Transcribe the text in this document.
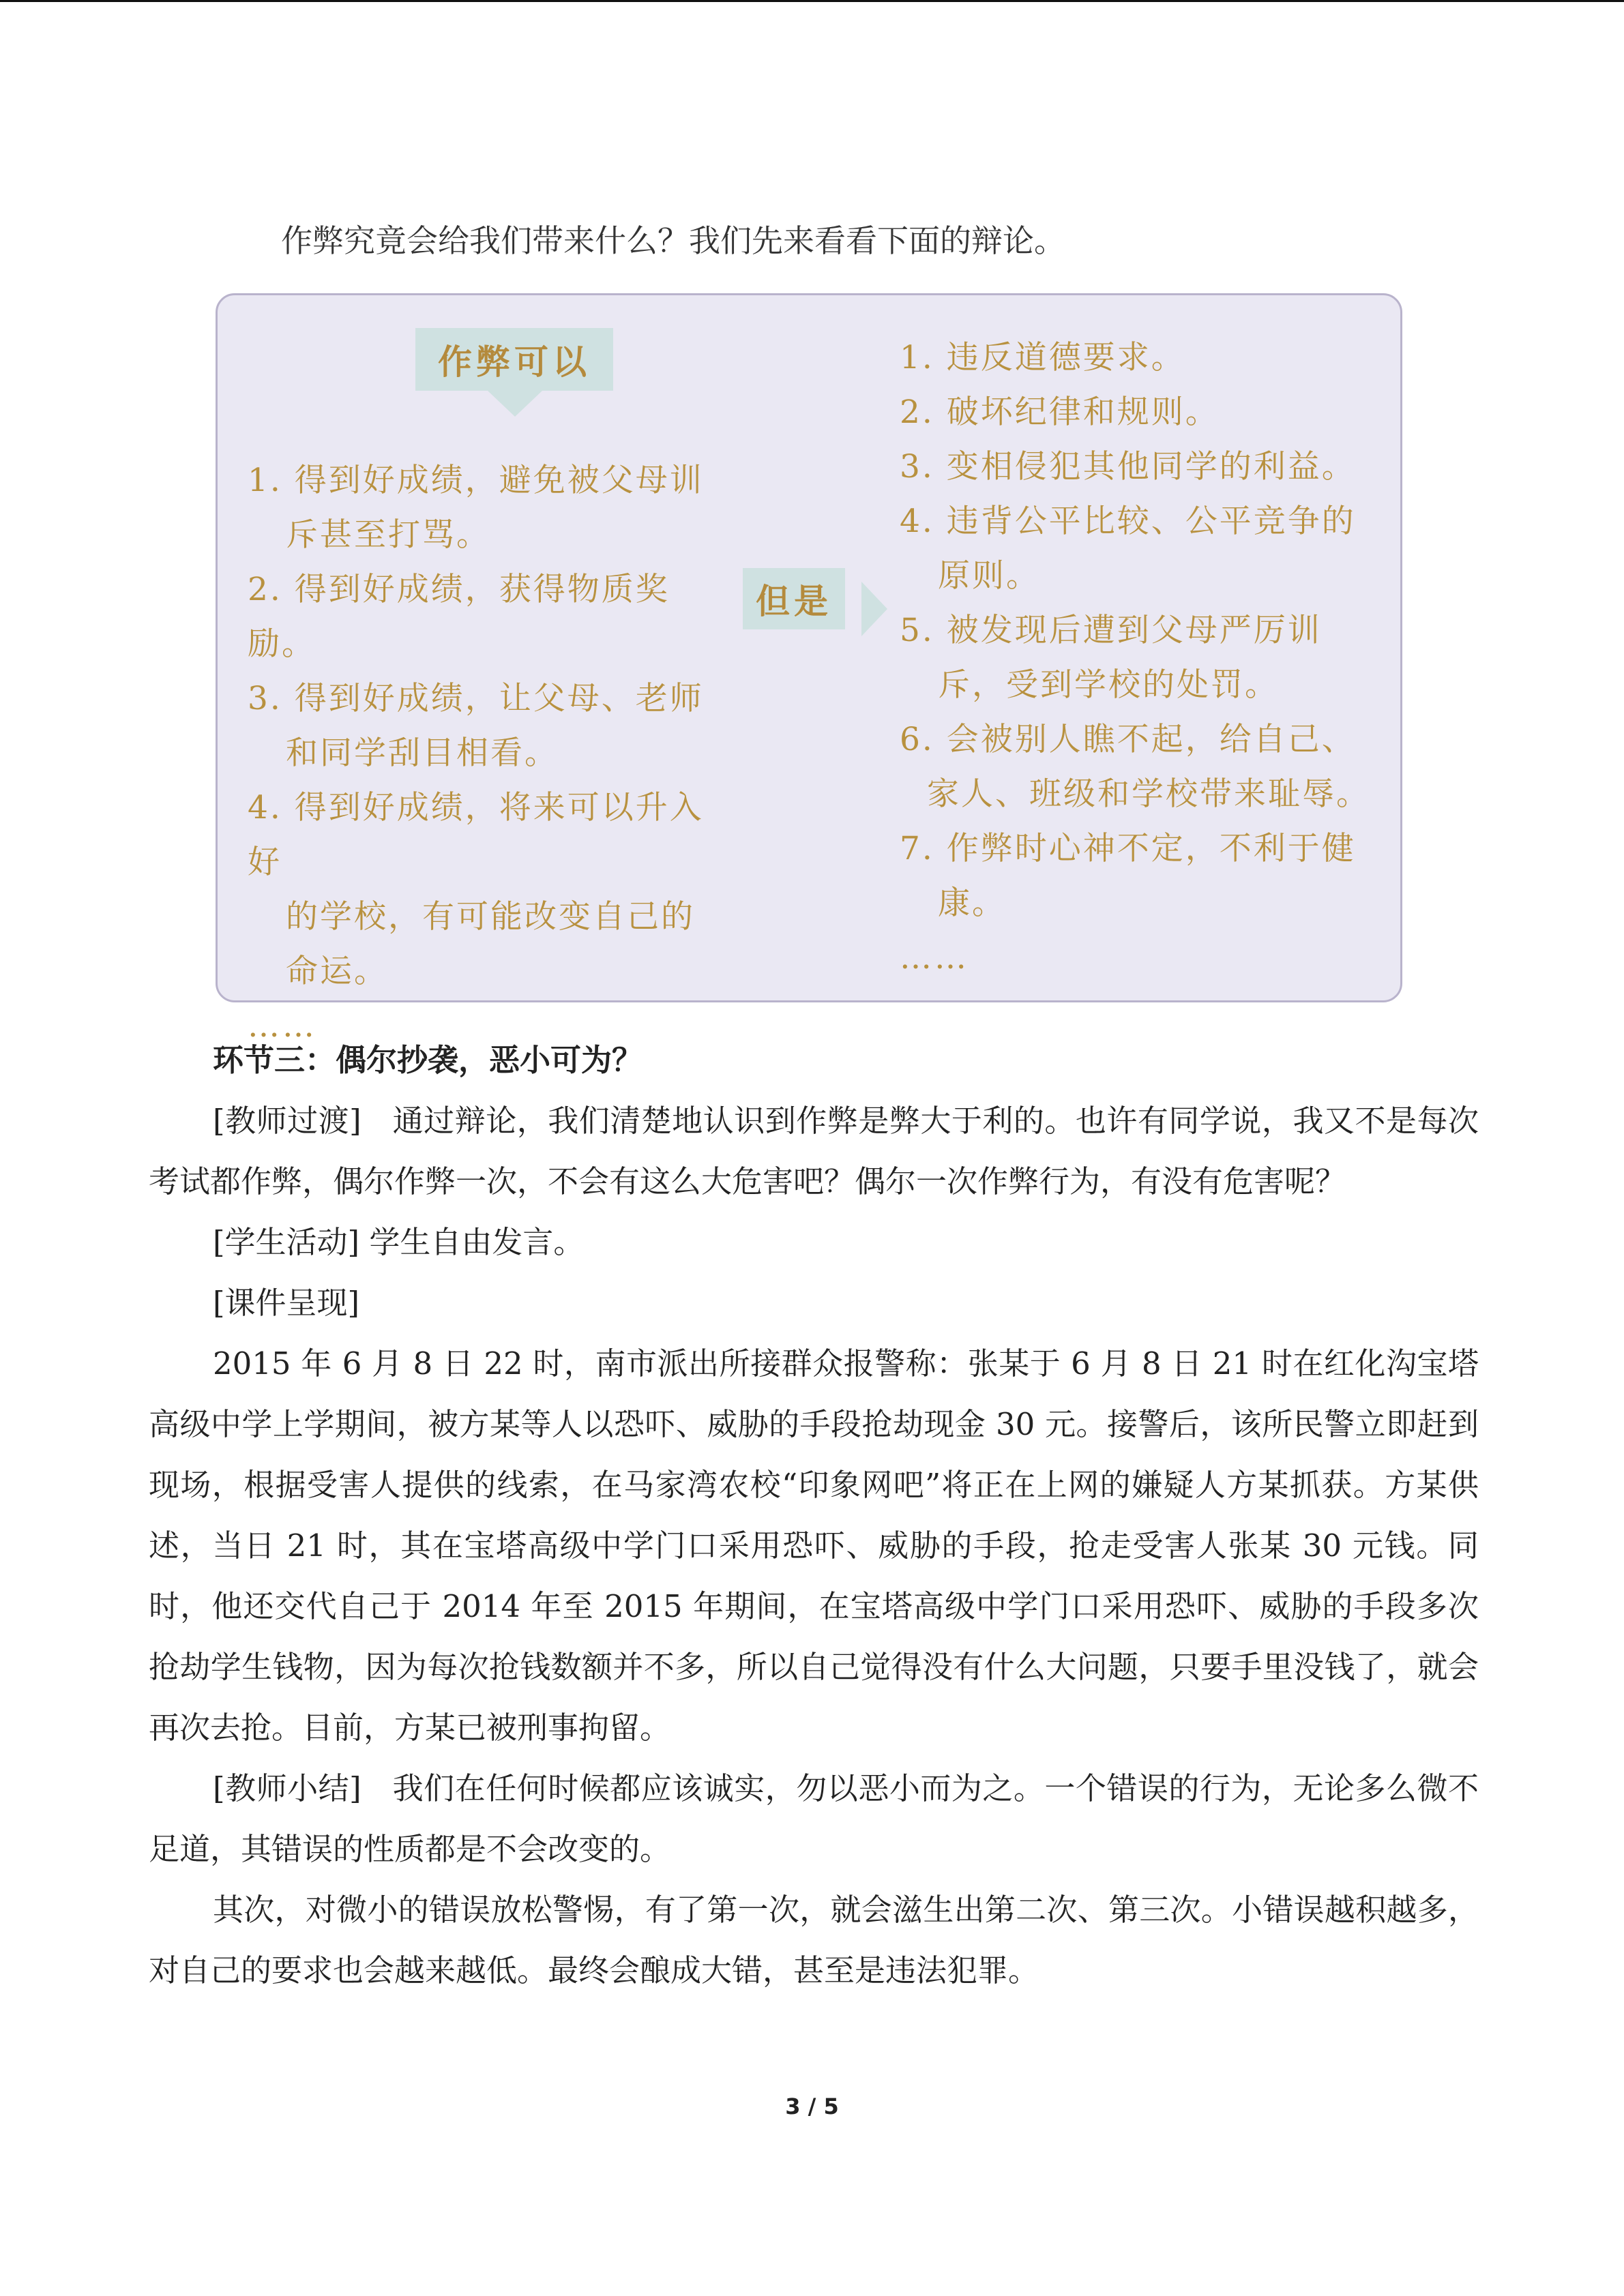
作弊究竟会给我们带来什么？我们先来看看下面的辩论。
作弊可以
1. 得到好成绩，避免被父母训
斥甚至打骂。
2. 得到好成绩，获得物质奖励。
3. 得到好成绩，让父母、老师
和同学刮目相看。
4. 得到好成绩，将来可以升入好
的学校，有可能改变自己的
命运。
……
但是
1. 违反道德要求。
2. 破坏纪律和规则。
3. 变相侵犯其他同学的利益。
4. 违背公平比较、公平竞争的
原则。
5. 被发现后遭到父母严厉训
斥，受到学校的处罚。
6. 会被别人瞧不起，给自己、
家人、班级和学校带来耻辱。
7. 作弊时心神不定，不利于健
康。
……

环节三：偶尔抄袭，恶小可为？

[教师过渡]　通过辩论，我们清楚地认识到作弊是弊大于利的。也许有同学说，我又不是每次考试都作弊，偶尔作弊一次，不会有这么大危害吧？偶尔一次作弊行为，有没有危害呢？

[学生活动] 学生自由发言。

[课件呈现]

2015 年 6 月 8 日 22 时，南市派出所接群众报警称：张某于 6 月 8 日 21 时在红化沟宝塔高级中学上学期间，被方某等人以恐吓、威胁的手段抢劫现金 30 元。接警后，该所民警立即赶到现场，根据受害人提供的线索，在马家湾农校“印象网吧”将正在上网的嫌疑人方某抓获。方某供述，当日 21 时，其在宝塔高级中学门口采用恐吓、威胁的手段，抢走受害人张某 30 元钱。同时，他还交代自己于 2014 年至 2015 年期间，在宝塔高级中学门口采用恐吓、威胁的手段多次抢劫学生钱物，因为每次抢钱数额并不多，所以自己觉得没有什么大问题，只要手里没钱了，就会再次去抢。目前，方某已被刑事拘留。

[教师小结]　我们在任何时候都应该诚实，勿以恶小而为之。一个错误的行为，无论多么微不足道，其错误的性质都是不会改变的。

其次，对微小的错误放松警惕，有了第一次，就会滋生出第二次、第三次。小错误越积越多，对自己的要求也会越来越低。最终会酿成大错，甚至是违法犯罪。

3 / 5
